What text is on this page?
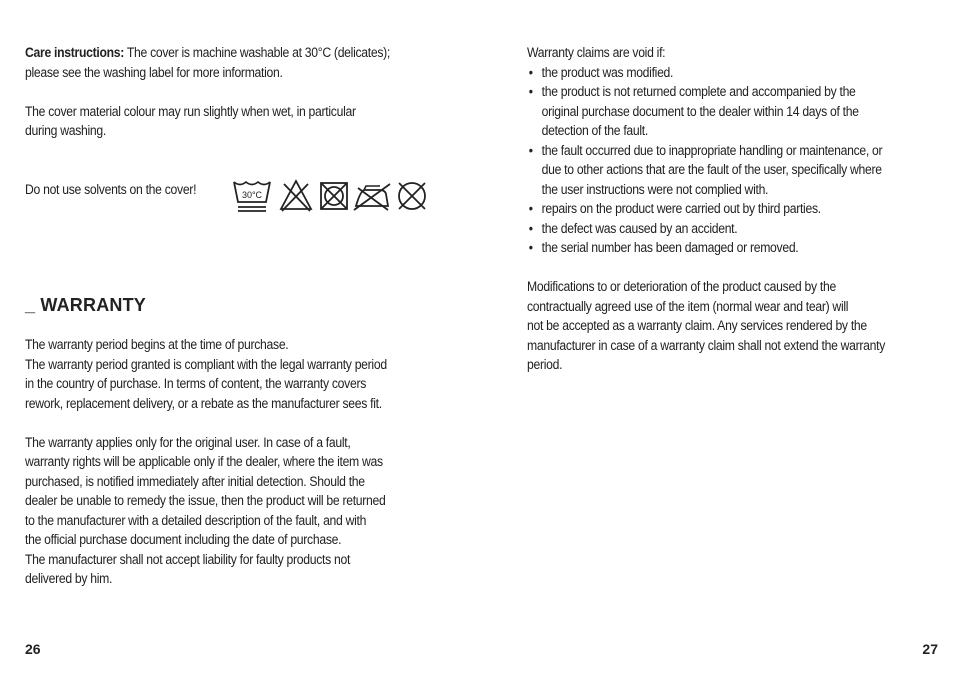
Care instructions: The cover is machine washable at 30°C (delicates);

please see the washing label for more information.

The cover material colour may run slightly when wet, in particular

during washing.

Do not use solvents on the cover!

_ WARRANTY

The warranty period begins at the time of purchase.

The warranty period granted is compliant with the legal warranty period

in the country of purchase. In terms of content, the warranty covers

rework, replacement delivery, or a rebate as the manufacturer sees fit.

The warranty applies only for the original user. In case of a fault,

warranty rights will be applicable only if the dealer, where the item was

purchased, is notified immediately after initial detection. Should the

dealer be unable to remedy the issue, then the product will be returned

to the manufacturer with a detailed description of the fault, and with

the official purchase document including the date of purchase.

The manufacturer shall not accept liability for faulty products not

delivered by him.

26
30°C

Warranty claims are void if:

• the product was modified.

• the product is not returned complete and accompanied by the

original purchase document to the dealer within 14 days of the

detection of the fault.

• the fault occurred due to inappropriate handling or maintenance, or

due to other actions that are the fault of the user, specifically where

the user instructions were not complied with.

• repairs on the product were carried out by third parties.

• the defect was caused by an accident.

• the serial number has been damaged or removed.

Modifications to or deterioration of the product caused by the

contractually agreed use of the item (normal wear and tear) will

not be accepted as a warranty claim. Any services rendered by the

manufacturer in case of a warranty claim shall not extend the warranty

period.

27
